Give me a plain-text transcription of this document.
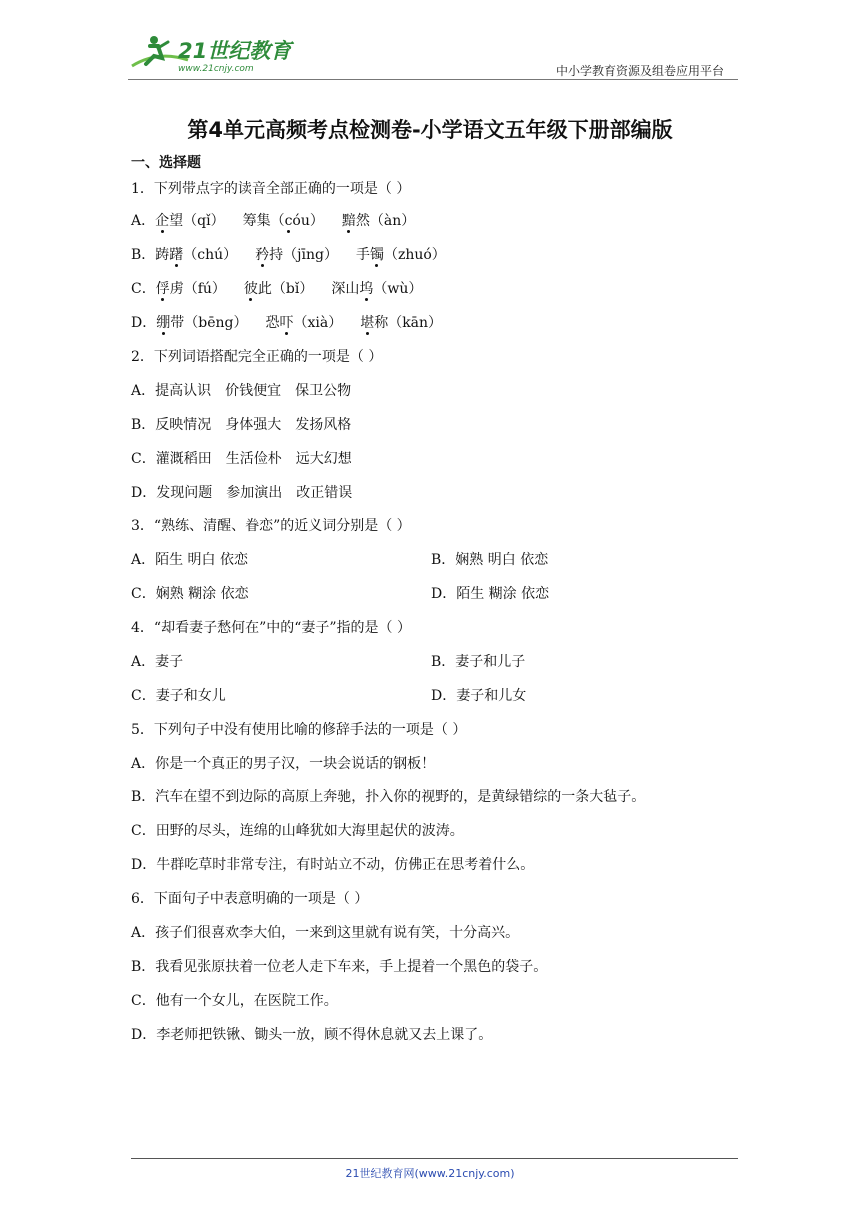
21世纪教育
www.21cnjy.com	中小学教育资源及组卷应用平台
第4单元高频考点检测卷-小学语文五年级下册部编版
一、选择题
1．下列带点字的读音全部正确的一项是（ ）
A．企望（qǐ） 筹集（cóu） 黯然（àn）
B．踌躇（chú） 矜持（jīng） 手镯（zhuó）
C．俘虏（fú） 彼此（bǐ） 深山坞（wù）
D．绷带（bēng） 恐吓（xià） 堪称（kān）
2．下列词语搭配完全正确的一项是（ ）
A．提高认识　价钱便宜　保卫公物
B．反映情况　身体强大　发扬风格
C．灌溉稻田　生活俭朴　远大幻想
D．发现问题　参加演出　改正错误
3．“熟练、清醒、眷恋”的近义词分别是（ ）
A．陌生 明白 依恋	B．娴熟 明白 依恋
C．娴熟 糊涂 依恋	D．陌生 糊涂 依恋
4．“却看妻子愁何在”中的“妻子”指的是（ ）
A．妻子	B．妻子和儿子
C．妻子和女儿	D．妻子和儿女
5．下列句子中没有使用比喻的修辞手法的一项是（ ）
A．你是一个真正的男子汉，一块会说话的钢板！
B．汽车在望不到边际的高原上奔驰，扑入你的视野的，是黄绿错综的一条大毡子。
C．田野的尽头，连绵的山峰犹如大海里起伏的波涛。
D．牛群吃草时非常专注，有时站立不动，仿佛正在思考着什么。
6．下面句子中表意明确的一项是（ ）
A．孩子们很喜欢李大伯，一来到这里就有说有笑，十分高兴。
B．我看见张原扶着一位老人走下车来，手上提着一个黑色的袋子。
C．他有一个女儿，在医院工作。
D．李老师把铁锹、锄头一放，顾不得休息就又去上课了。
21世纪教育网(www.21cnjy.com)
